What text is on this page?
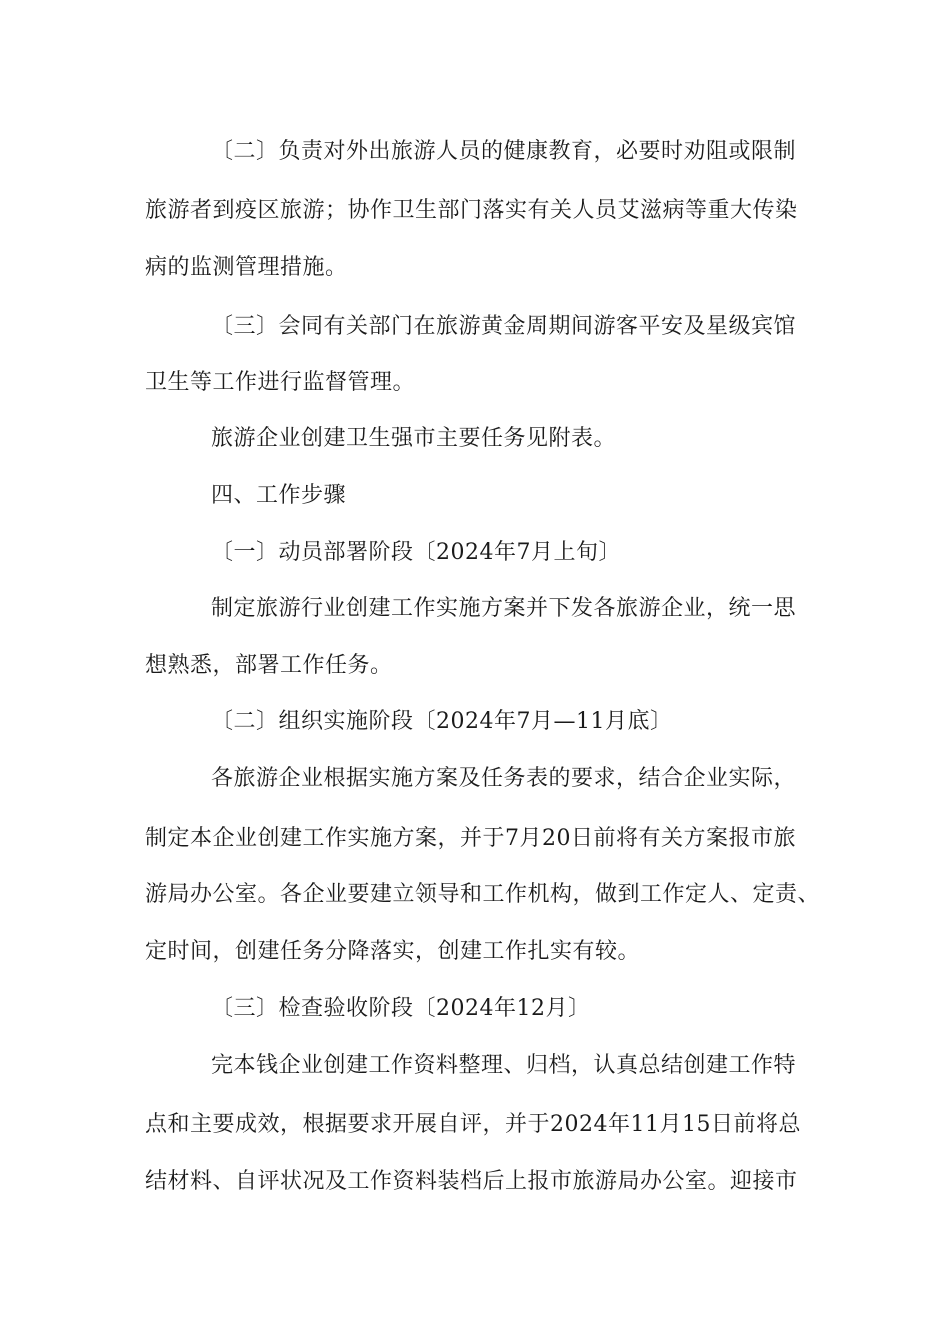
〔二〕负责对外出旅游人员的健康教育，必要时劝阻或限制
旅游者到疫区旅游；协作卫生部门落实有关人员艾滋病等重大传染
病的监测管理措施。
〔三〕会同有关部门在旅游黄金周期间游客平安及星级宾馆
卫生等工作进行监督管理。
旅游企业创建卫生强市主要任务见附表。
四、工作步骤
〔一〕动员部署阶段〔2024年7月上旬〕
制定旅游行业创建工作实施方案并下发各旅游企业，统一思
想熟悉，部署工作任务。
〔二〕组织实施阶段〔2024年7月—11月底〕
各旅游企业根据实施方案及任务表的要求，结合企业实际，
制定本企业创建工作实施方案，并于7月20日前将有关方案报市旅
游局办公室。各企业要建立领导和工作机构，做到工作定人、定责、
定时间，创建任务分降落实，创建工作扎实有较。
〔三〕检查验收阶段〔2024年12月〕
完本钱企业创建工作资料整理、归档，认真总结创建工作特
点和主要成效，根据要求开展自评，并于2024年11月15日前将总
结材料、自评状况及工作资料装档后上报市旅游局办公室。迎接市
